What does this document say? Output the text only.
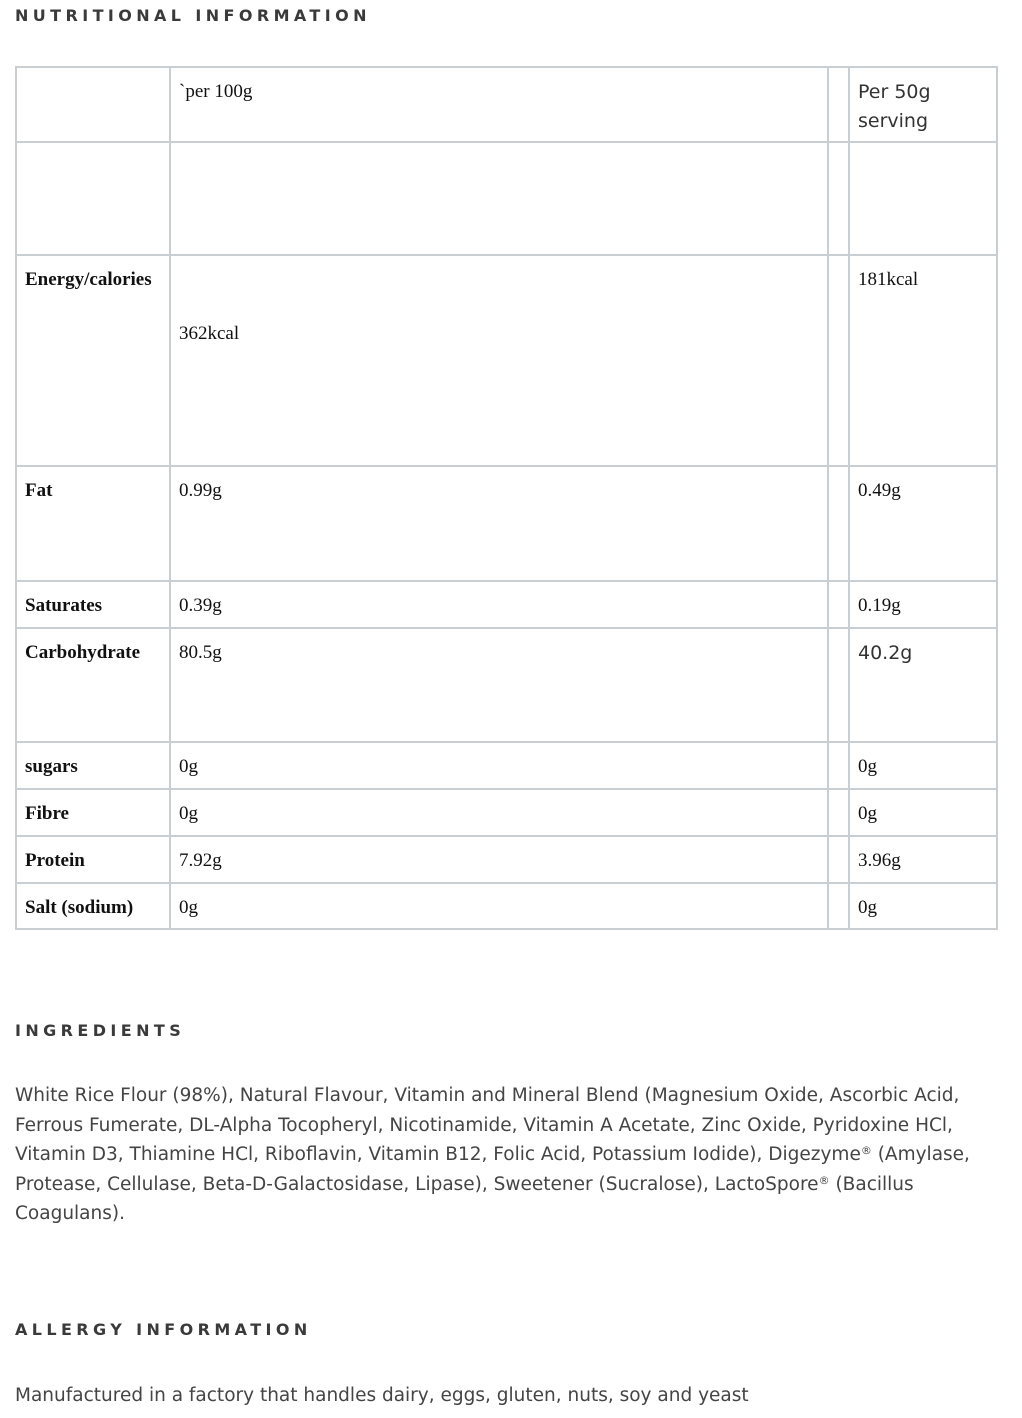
NUTRITIONAL INFORMATION
	`per 100g		Per 50g serving

Energy/calories	362kcal		181kcal
Fat	0.99g		0.49g
Saturates	0.39g		0.19g
Carbohydrate	80.5g		40.2g
sugars	0g		0g
Fibre	0g		0g
Protein	7.92g		3.96g
Salt (sodium)	0g		0g
INGREDIENTS
White Rice Flour (98%), Natural Flavour, Vitamin and Mineral Blend (Magnesium Oxide, Ascorbic Acid, Ferrous Fumerate, DL-Alpha Tocopheryl, Nicotinamide, Vitamin A Acetate, Zinc Oxide, Pyridoxine HCl, Vitamin D3, Thiamine HCl, Riboflavin, Vitamin B12, Folic Acid, Potassium Iodide), Digezyme® (Amylase, Protease, Cellulase, Beta-D-Galactosidase, Lipase), Sweetener (Sucralose), LactoSpore® (Bacillus Coagulans).
ALLERGY INFORMATION
Manufactured in a factory that handles dairy, eggs, gluten, nuts, soy and yeast
